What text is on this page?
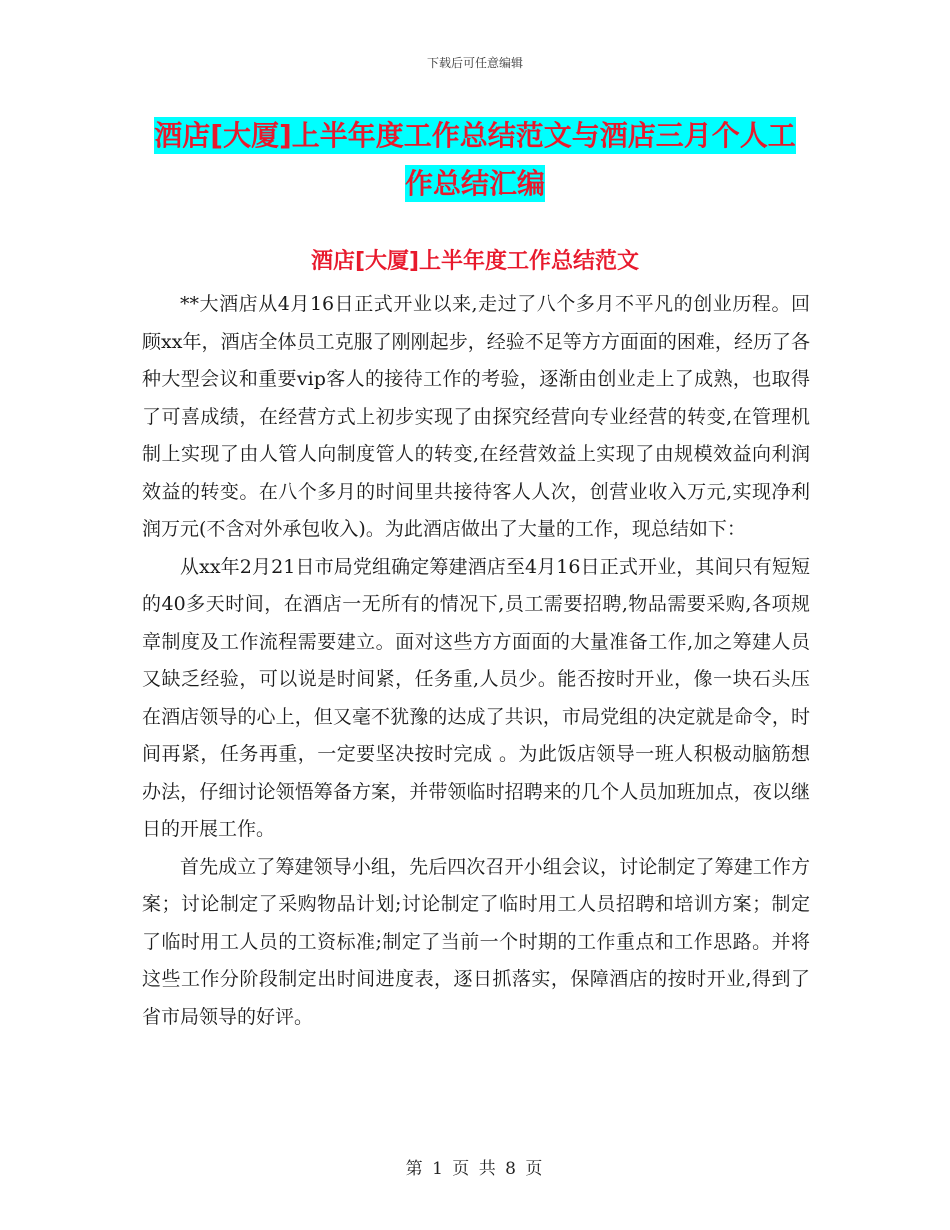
下载后可任意编辑
酒店[大厦]上半年度工作总结范文与酒店三月个人工
作总结汇编
酒店[大厦]上半年度工作总结范文

**大酒店从4月16日正式开业以来,走过了八个多月不平凡的创业历程。回顾xx年，酒店全体员工克服了刚刚起步，经验不足等方方面面的困难，经历了各种大型会议和重要vip客人的接待工作的考验，逐渐由创业走上了成熟，也取得了可喜成绩，在经营方式上初步实现了由探究经营向专业经营的转变,在管理机制上实现了由人管人向制度管人的转变,在经营效益上实现了由规模效益向利润效益的转变。在八个多月的时间里共接待客人人次，创营业收入万元,实现净利润万元(不含对外承包收入)。为此酒店做出了大量的工作，现总结如下：

从xx年2月21日市局党组确定筹建酒店至4月16日正式开业，其间只有短短的40多天时间，在酒店一无所有的情况下,员工需要招聘,物品需要采购,各项规章制度及工作流程需要建立。面对这些方方面面的大量准备工作,加之筹建人员又缺乏经验，可以说是时间紧，任务重,人员少。能否按时开业，像一块石头压在酒店领导的心上，但又毫不犹豫的达成了共识，市局党组的决定就是命令，时间再紧，任务再重，一定要坚决按时完成 。为此饭店领导一班人积极动脑筋想办法，仔细讨论领悟筹备方案，并带领临时招聘来的几个人员加班加点，夜以继日的开展工作。

首先成立了筹建领导小组，先后四次召开小组会议，讨论制定了筹建工作方案；讨论制定了采购物品计划;讨论制定了临时用工人员招聘和培训方案；制定了临时用工人员的工资标准;制定了当前一个时期的工作重点和工作思路。并将这些工作分阶段制定出时间进度表，逐日抓落实，保障酒店的按时开业,得到了省市局领导的好评。

第 1 页 共 8 页
